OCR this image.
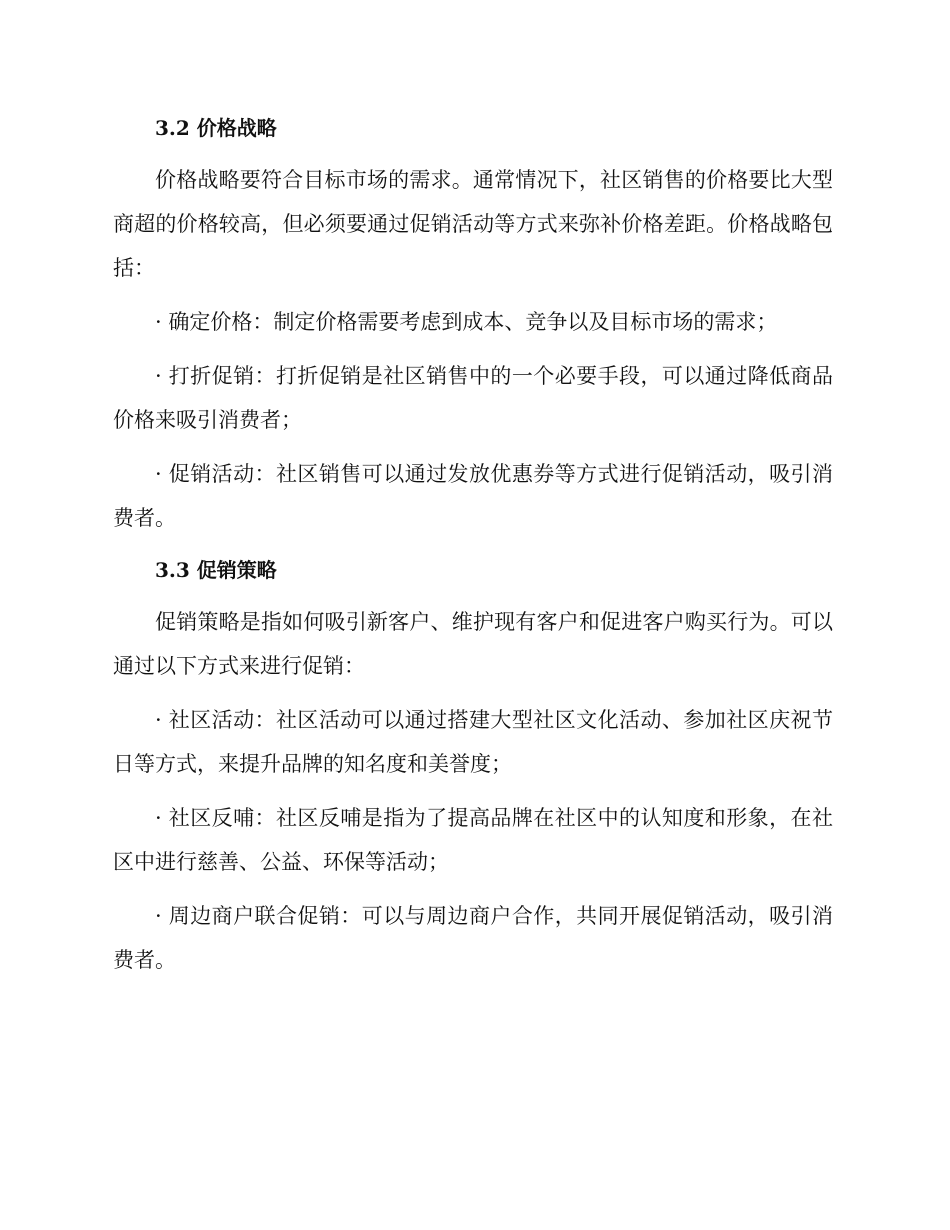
3.2 价格战略

价格战略要符合目标市场的需求。通常情况下，社区销售的价格要比大型商超的价格较高，但必须要通过促销活动等方式来弥补价格差距。价格战略包括：

· 确定价格：制定价格需要考虑到成本、竞争以及目标市场的需求；

· 打折促销：打折促销是社区销售中的一个必要手段，可以通过降低商品价格来吸引消费者；

· 促销活动：社区销售可以通过发放优惠券等方式进行促销活动，吸引消费者。

3.3 促销策略

促销策略是指如何吸引新客户、维护现有客户和促进客户购买行为。可以通过以下方式来进行促销：

· 社区活动：社区活动可以通过搭建大型社区文化活动、参加社区庆祝节日等方式，来提升品牌的知名度和美誉度；

· 社区反哺：社区反哺是指为了提高品牌在社区中的认知度和形象，在社区中进行慈善、公益、环保等活动；

· 周边商户联合促销：可以与周边商户合作，共同开展促销活动，吸引消费者。
